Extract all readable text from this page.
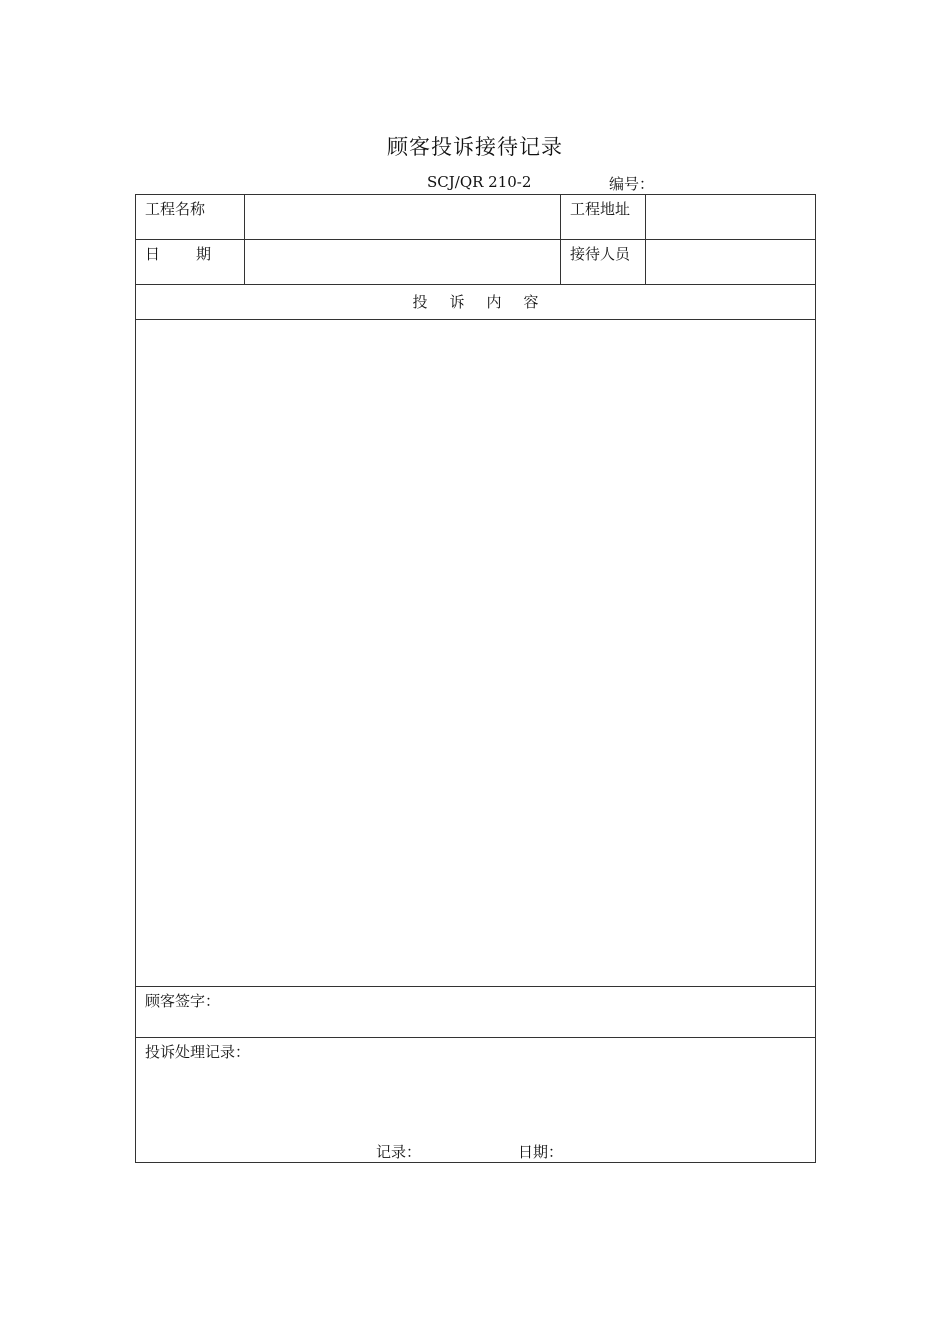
顾客投诉接待记录
SCJ/QR 210-2	编号：
工程名称		工程地址	

日 期		接待人员	
投诉内容			

顾客签字：			
投诉处理记录：
记录： 日期：			
